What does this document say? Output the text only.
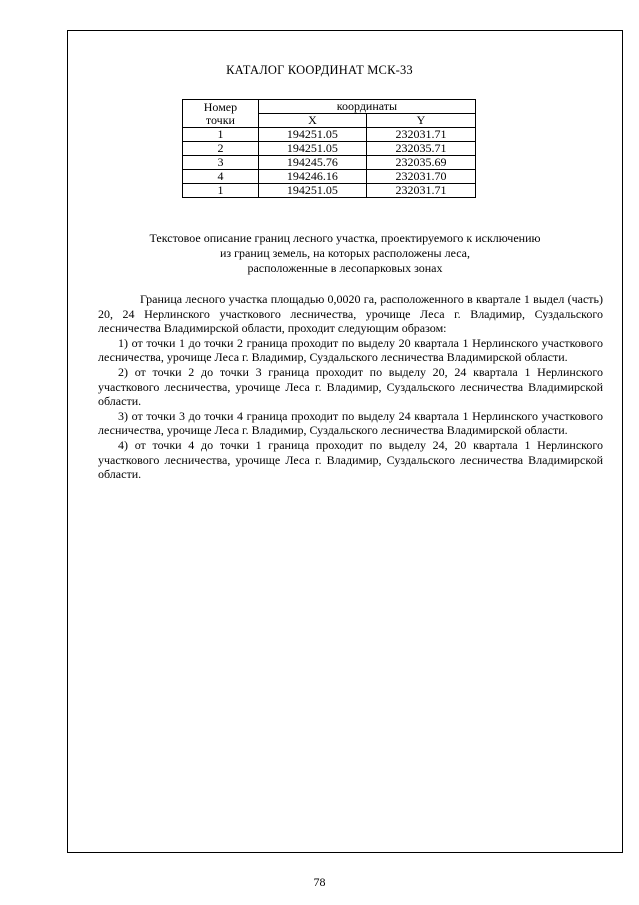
КАТАЛОГ КООРДИНАТ МСК-33
Номер
точки	координаты	
	X	Y
1	194251.05	232031.71
2	194251.05	232035.71
3	194245.76	232035.69
4	194246.16	232031.70
1	194251.05	232031.71
Текстовое описание границ лесного участка, проектируемого к исключению
из границ земель, на которых расположены леса,
расположенные в лесопарковых зонах

Граница лесного участка площадью 0,0020 га, расположенного в квартале 1 выдел (часть) 20, 24 Нерлинского участкового лесничества, урочище Леса г. Владимир, Суздальского лесничества Владимирской области, проходит следующим образом:

1) от точки 1 до точки 2 граница проходит по выделу 20 квартала 1 Нерлинского участкового лесничества, урочище Леса г. Владимир, Суздальского лесничества Владимирской области.

2) от точки 2 до точки 3 граница проходит по выделу 20, 24 квартала 1 Нерлинского участкового лесничества, урочище Леса г. Владимир, Суздальского лесничества Владимирской области.

3) от точки 3 до точки 4 граница проходит по выделу 24 квартала 1 Нерлинского участкового лесничества, урочище Леса г. Владимир, Суздальского лесничества Владимирской области.

4) от точки 4 до точки 1 граница проходит по выделу 24, 20 квартала 1 Нерлинского участкового лесничества, урочище Леса г. Владимир, Суздальского лесничества Владимирской области.

78
